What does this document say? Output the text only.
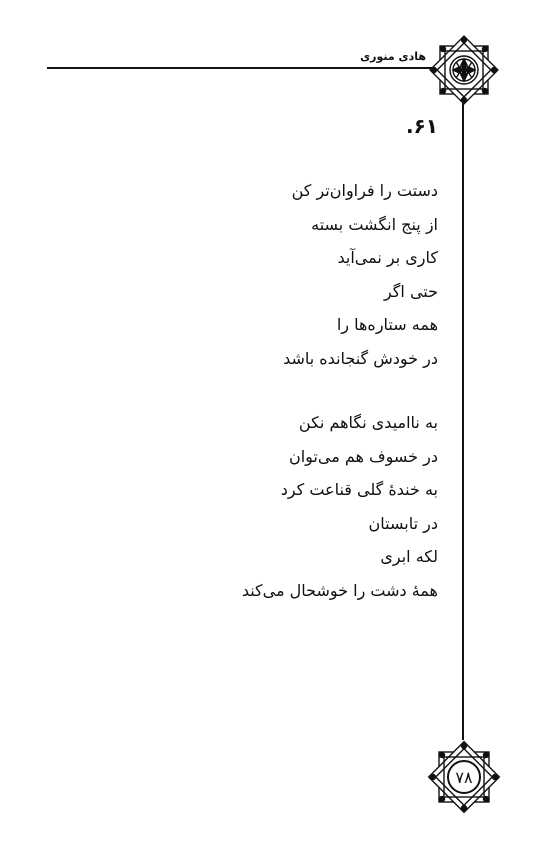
هادی منوری
۶۱.
دستت را فراوان‌تر کن
از پنج انگشت بسته
کاری بر نمی‌آید
حتی اگر
همه ستاره‌ها را
در خودش گنجانده باشد
به ناامیدی نگاهم نکن
در خسوف هم می‌توان
به خندهٔ گلی قناعت کرد
در تابستان
لکه ابری
همهٔ دشت را خوشحال می‌کند
۷۸
